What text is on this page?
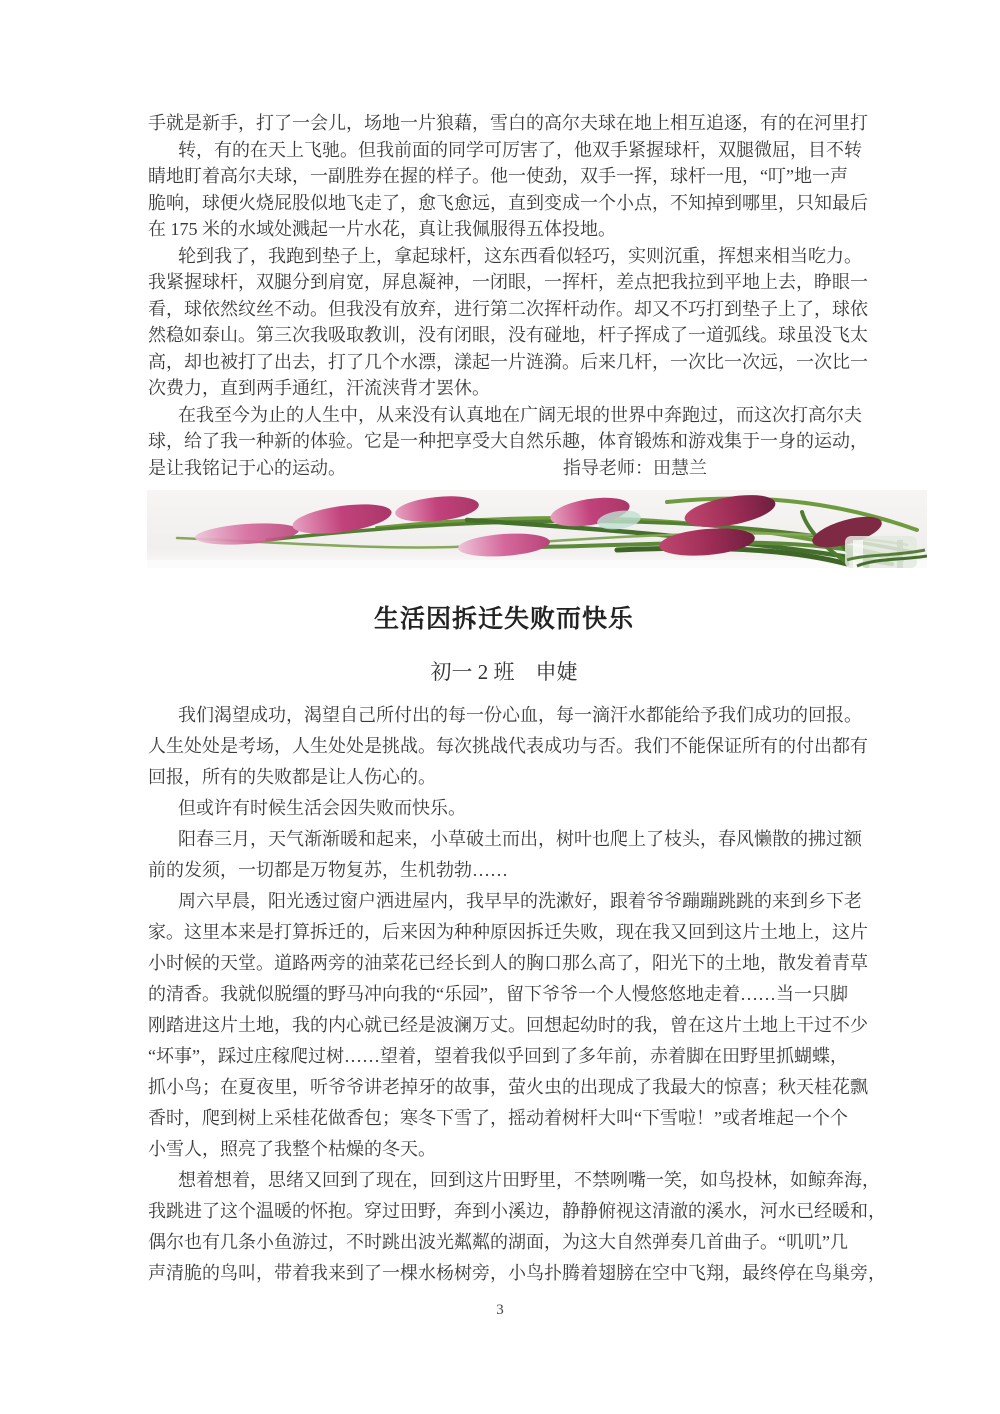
手就是新手，打了一会儿，场地一片狼藉，雪白的高尔夫球在地上相互追逐，有的在河里打
转，有的在天上飞驰。但我前面的同学可厉害了，他双手紧握球杆，双腿微屈，目不转
睛地盯着高尔夫球，一副胜券在握的样子。他一使劲，双手一挥，球杆一甩，“叮”地一声
脆响，球便火烧屁股似地飞走了，愈飞愈远，直到变成一个小点，不知掉到哪里，只知最后
在 175 米的水域处溅起一片水花，真让我佩服得五体投地。
轮到我了，我跑到垫子上，拿起球杆，这东西看似轻巧，实则沉重，挥想来相当吃力。
我紧握球杆，双腿分到肩宽，屏息凝神，一闭眼，一挥杆，差点把我拉到平地上去，睁眼一
看，球依然纹丝不动。但我没有放弃，进行第二次挥杆动作。却又不巧打到垫子上了，球依
然稳如泰山。第三次我吸取教训，没有闭眼，没有碰地，杆子挥成了一道弧线。球虽没飞太
高，却也被打了出去，打了几个水漂，漾起一片涟漪。后来几杆，一次比一次远，一次比一
次费力，直到两手通红，汗流浃背才罢休。
在我至今为止的人生中，从来没有认真地在广阔无垠的世界中奔跑过，而这次打高尔夫
球，给了我一种新的体验。它是一种把享受大自然乐趣，体育锻炼和游戏集于一身的运动，
是让我铭记于心的运动。	指导老师：田慧兰
生活因拆迁失败而快乐
初一 2 班　申婕
我们渴望成功，渴望自己所付出的每一份心血，每一滴汗水都能给予我们成功的回报。
人生处处是考场，人生处处是挑战。每次挑战代表成功与否。我们不能保证所有的付出都有
回报，所有的失败都是让人伤心的。
但或许有时候生活会因失败而快乐。
阳春三月，天气渐渐暖和起来，小草破土而出，树叶也爬上了枝头，春风懒散的拂过额
前的发须，一切都是万物复苏，生机勃勃……
周六早晨，阳光透过窗户洒进屋内，我早早的洗漱好，跟着爷爷蹦蹦跳跳的来到乡下老
家。这里本来是打算拆迁的，后来因为种种原因拆迁失败，现在我又回到这片土地上，这片
小时候的天堂。道路两旁的油菜花已经长到人的胸口那么高了，阳光下的土地，散发着青草
的清香。我就似脱缰的野马冲向我的“乐园”，留下爷爷一个人慢悠悠地走着……当一只脚
刚踏进这片土地，我的内心就已经是波澜万丈。回想起幼时的我，曾在这片土地上干过不少
“坏事”，踩过庄稼爬过树……望着，望着我似乎回到了多年前，赤着脚在田野里抓蝴蝶，
抓小鸟；在夏夜里，听爷爷讲老掉牙的故事，萤火虫的出现成了我最大的惊喜；秋天桂花飘
香时，爬到树上采桂花做香包；寒冬下雪了，摇动着树杆大叫“下雪啦！”或者堆起一个个
小雪人，照亮了我整个枯燥的冬天。
想着想着，思绪又回到了现在，回到这片田野里，不禁咧嘴一笑，如鸟投林，如鲸奔海，
我跳进了这个温暖的怀抱。穿过田野，奔到小溪边，静静俯视这清澈的溪水，河水已经暖和，
偶尔也有几条小鱼游过，不时跳出波光粼粼的湖面，为这大自然弹奏几首曲子。“叽叽”几
声清脆的鸟叫，带着我来到了一棵水杨树旁，小鸟扑腾着翅膀在空中飞翔，最终停在鸟巢旁，
3
